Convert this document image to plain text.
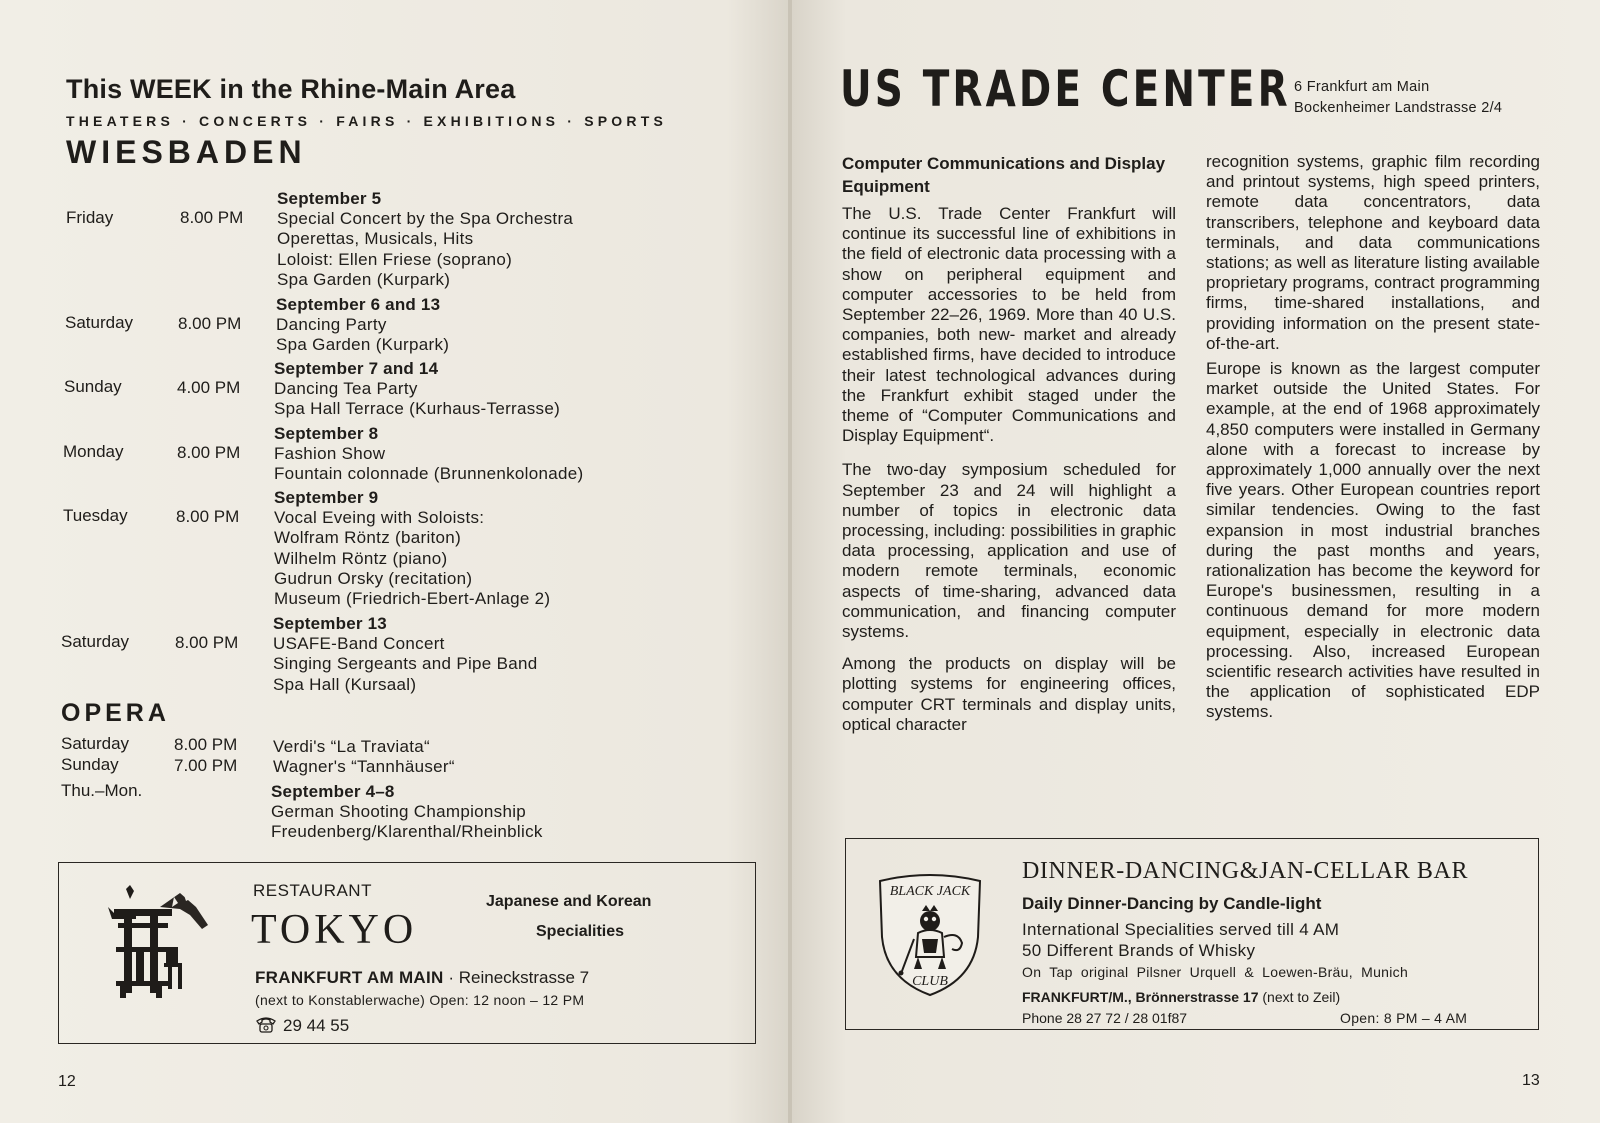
This WEEK in the Rhine-Main Area
THEATERS · CONCERTS · FAIRS · EXHIBITIONS · SPORTS
WIESBADEN
Friday	8.00 PM
September 5
Special Concert by the Spa Orchestra
Operettas, Musicals, Hits
Loloist: Ellen Friese (soprano)
Spa Garden (Kurpark)
Saturday	8.00 PM
September 6 and 13
Dancing Party
Spa Garden (Kurpark)
Sunday	4.00 PM
September 7 and 14
Dancing Tea Party
Spa Hall Terrace (Kurhaus-Terrasse)
Monday	8.00 PM
September 8
Fashion Show
Fountain colonnade (Brunnenkolonade)
Tuesday	8.00 PM
September 9
Vocal Eveing with Soloists:
Wolfram Röntz (bariton)
Wilhelm Röntz (piano)
Gudrun Orsky (recitation)
Museum (Friedrich-Ebert-Anlage 2)
Saturday	8.00 PM
September 13
USAFE-Band Concert
Singing Sergeants and Pipe Band
Spa Hall (Kursaal)
OPERA
Saturday	8.00 PM Verdi's “La Traviata“
Sunday	7.00 PM Wagner's “Tannhäuser“
Thu.–Mon.	September 4–8
German Shooting Championship
Freudenberg/Klarenthal/Rheinblick
RESTAURANT
TOKYO
Japanese and Korean
Specialities
FRANKFURT AM MAIN · Reineckstrasse 7
(next to Konstablerwache) Open: 12 noon – 12 PM
29 44 55
12
US TRADE CENTER 6 Frankfurt am Main
Bockenheimer Landstrasse 2/4

Computer Communications and Display Equipment

The U.S. Trade Center Frankfurt will continue its successful line of exhibitions in the field of electronic data processing with a show on peripheral equipment and computer accessories to be held from September 22–26, 1969. More than 40 U.S. companies, both new- market and already established firms, have decided to introduce their latest technological advances during the Frankfurt exhibit staged under the theme of “Computer Communications and Display Equipment“.

The two-day symposium scheduled for September 23 and 24 will highlight a number of topics in electronic data processing, including: possibilities in graphic data processing, application and use of modern remote terminals, economic aspects of time-sharing, advanced data communication, and financing computer systems.

Among the products on display will be plotting systems for engineering offices, computer CRT terminals and display units, optical character

recognition systems, graphic film recording and printout systems, high speed printers, remote data concentrators, data transcribers, telephone and keyboard data terminals, and data communications stations; as well as literature listing available proprietary programs, contract programming firms, time-shared installations, and providing information on the present state-of-the-art.

Europe is known as the largest computer market outside the United States. For example, at the end of 1968 approximately 4,850 computers were installed in Germany alone with a forecast to increase by approximately 1,000 annually over the next five years. Other European countries report similar tendencies. Owing to the fast expansion in most industrial branches during the past months and years, rationalization has become the keyword for Europe's businessmen, resulting in a continuous demand for more modern equipment, especially in electronic data processing. Also, increased European scientific research activities have resulted in the application of sophisticated EDP systems.

BLACK JACK
CLUB
DINNER-DANCING&JAN-CELLAR BAR
Daily Dinner-Dancing by Candle-light
International Specialities served till 4 AM
50 Different Brands of Whisky
On Tap original Pilsner Urquell & Loewen-Bräu, Munich
FRANKFURT/M., Brönnerstrasse 17 (next to Zeil)
Phone 28 27 72 / 28 01f87	Open: 8 PM – 4 AM
13
